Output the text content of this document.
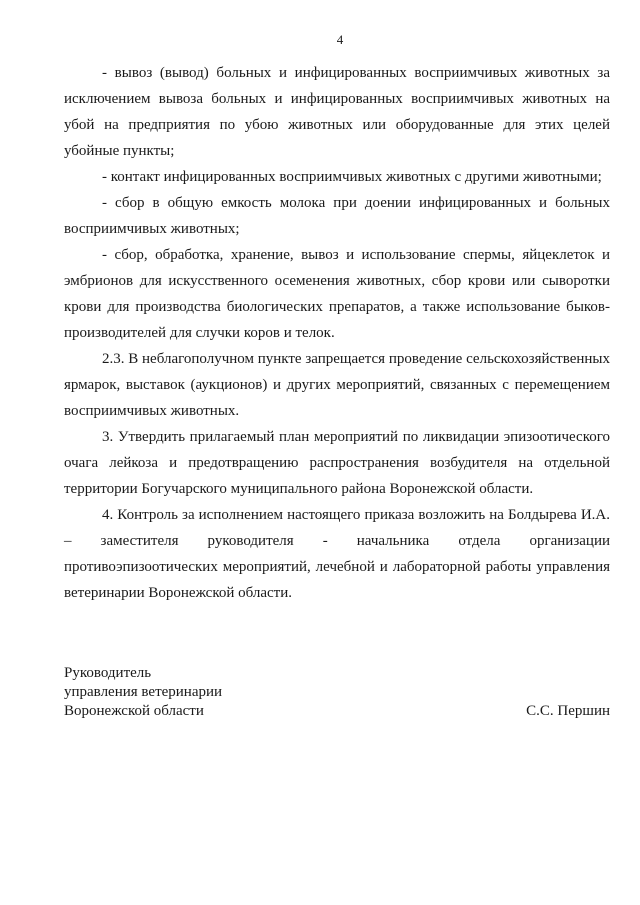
4

- вывоз (вывод) больных и инфицированных восприимчивых животных за исключением вывоза больных и инфицированных восприимчивых животных на убой на предприятия по убою животных или оборудованные для этих целей убойные пункты;

- контакт инфицированных восприимчивых животных с другими животными;

- сбор в общую емкость молока при доении инфицированных и больных восприимчивых животных;

- сбор, обработка, хранение, вывоз и использование спермы, яйцеклеток и эмбрионов для искусственного осеменения животных, сбор крови или сыворотки крови для производства биологических препаратов, а также использование быков-производителей для случки коров и телок.

2.3. В неблагополучном пункте запрещается проведение сельскохозяйственных ярмарок, выставок (аукционов) и других мероприятий, связанных с перемещением восприимчивых животных.

3. Утвердить прилагаемый план мероприятий по ликвидации эпизоотического очага лейкоза и предотвращению распространения возбудителя на отдельной территории Богучарского муниципального района Воронежской области.

4. Контроль за исполнением настоящего приказа возложить на Болдырева И.А. – заместителя руководителя - начальника отдела организации противоэпизоотических мероприятий, лечебной и лабораторной работы управления ветеринарии Воронежской области.

Руководитель
управления ветеринарии
Воронежской области	С.С. Першин
